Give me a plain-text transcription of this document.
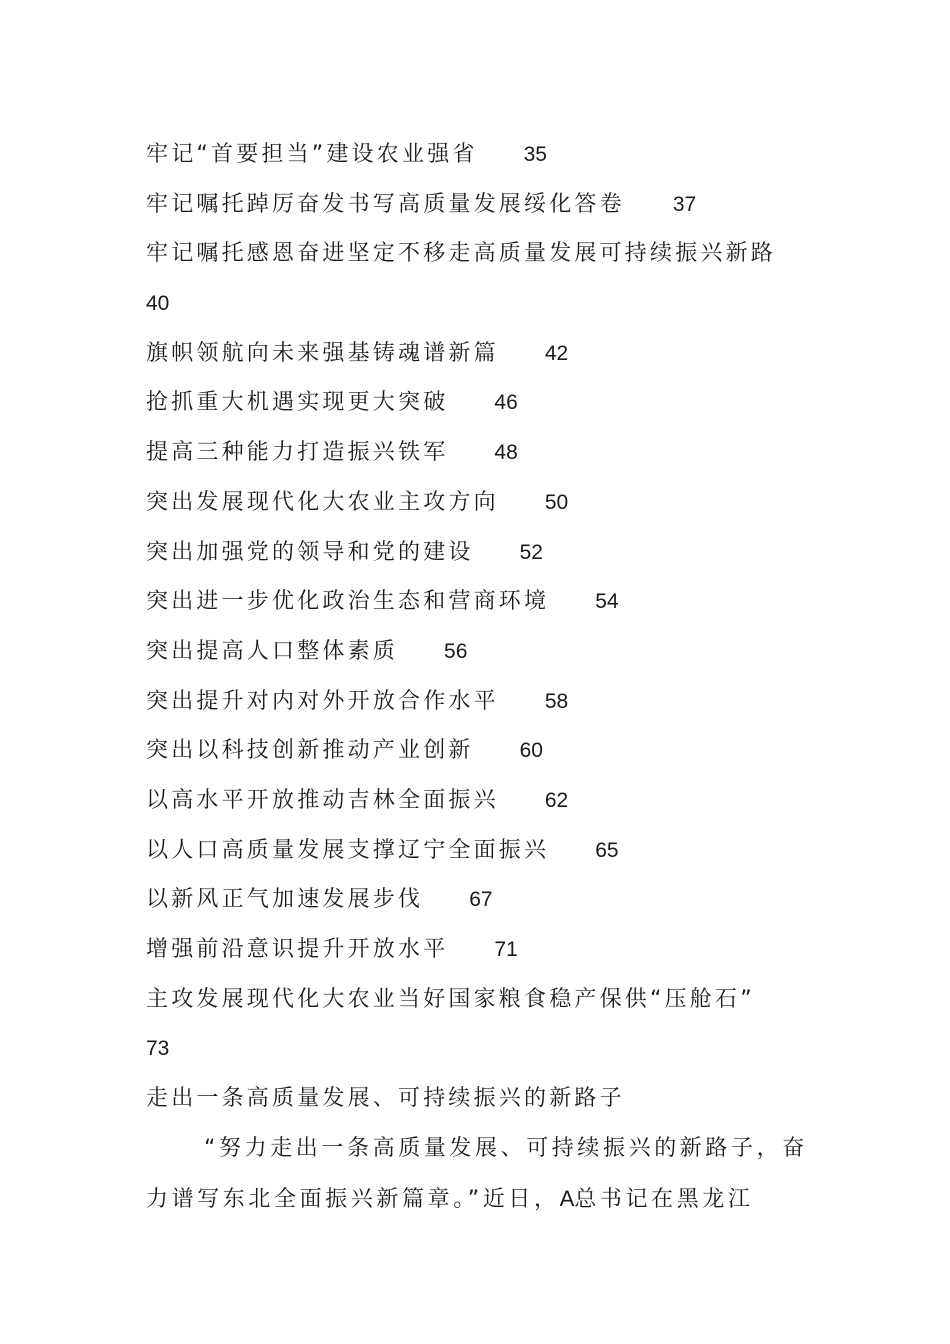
牢记“首要担当”建设农业强省 35
牢记嘱托踔厉奋发书写高质量发展绥化答卷 37
牢记嘱托感恩奋进坚定不移走高质量发展可持续振兴新路
40
旗帜领航向未来强基铸魂谱新篇 42
抢抓重大机遇实现更大突破 46
提高三种能力打造振兴铁军 48
突出发展现代化大农业主攻方向 50
突出加强党的领导和党的建设 52
突出进一步优化政治生态和营商环境 54
突出提高人口整体素质 56
突出提升对内对外开放合作水平 58
突出以科技创新推动产业创新 60
以高水平开放推动吉林全面振兴 62
以人口高质量发展支撑辽宁全面振兴 65
以新风正气加速发展步伐 67
增强前沿意识提升开放水平 71
主攻发展现代化大农业当好国家粮食稳产保供“压舱石”
73
走出一条高质量发展、可持续振兴的新路子
“努力走出一条高质量发展、可持续振兴的新路子，奋力谱写东北全面振兴新篇章。”近日，A总书记在黑龙江
